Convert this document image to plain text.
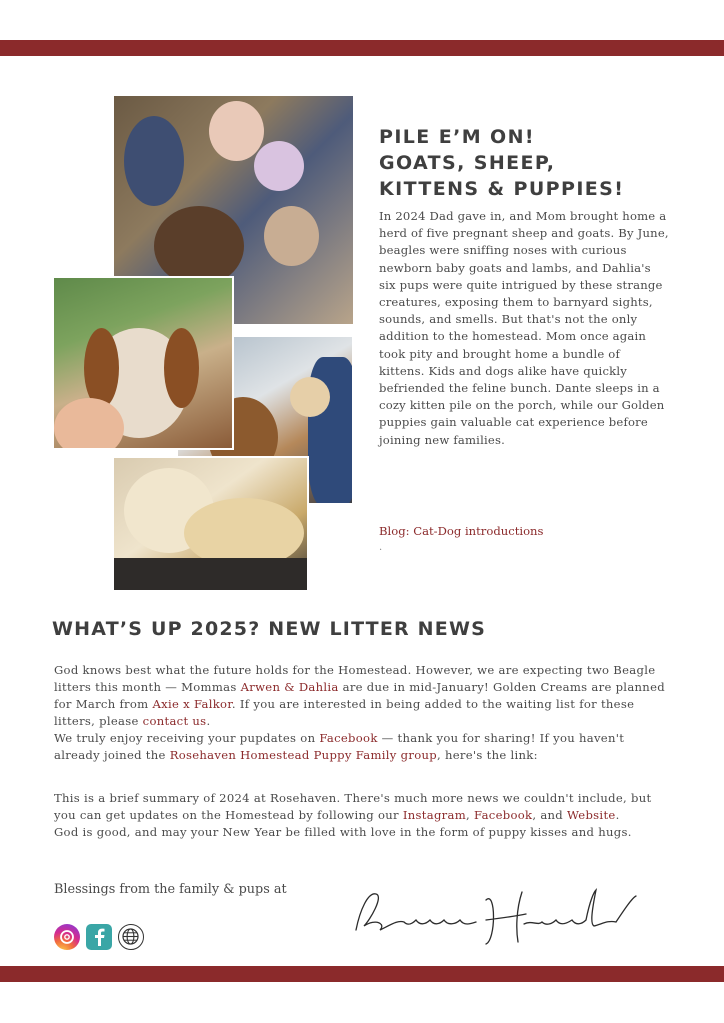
PILE E’M ON!
GOATS, SHEEP,
KITTENS & PUPPIES!

In 2024 Dad gave in, and Mom brought home a herd of five pregnant sheep and goats. By June, beagles were sniffing noses with curious newborn baby goats and lambs, and Dahlia's six pups were quite intrigued by these strange creatures, exposing them to barnyard sights, sounds, and smells. But that's not the only addition to the homestead. Mom once again took pity and brought home a bundle of kittens. Kids and dogs alike have quickly befriended the feline bunch. Dante sleeps in a cozy kitten pile on the porch, while our Golden puppies gain valuable cat experience before joining new families.

Blog: Cat-Dog introductions
.
WHAT’S UP 2025? NEW LITTER NEWS

God knows best what the future holds for the Homestead. However, we are expecting two Beagle litters this month — Mommas Arwen & Dahlia are due in mid-January! Golden Creams are planned for March from Axie x Falkor. If you are interested in being added to the waiting list for these litters, please contact us.
We truly enjoy receiving your pupdates on Facebook — thank you for sharing! If you haven't already joined the Rosehaven Homestead Puppy Family group, here's the link:

This is a brief summary of 2024 at Rosehaven. There's much more news we couldn't include, but you can get updates on the Homestead by following our Instagram, Facebook, and Website.
God is good, and may your New Year be filled with love in the form of puppy kisses and hugs.

Blessings from the family & pups at
